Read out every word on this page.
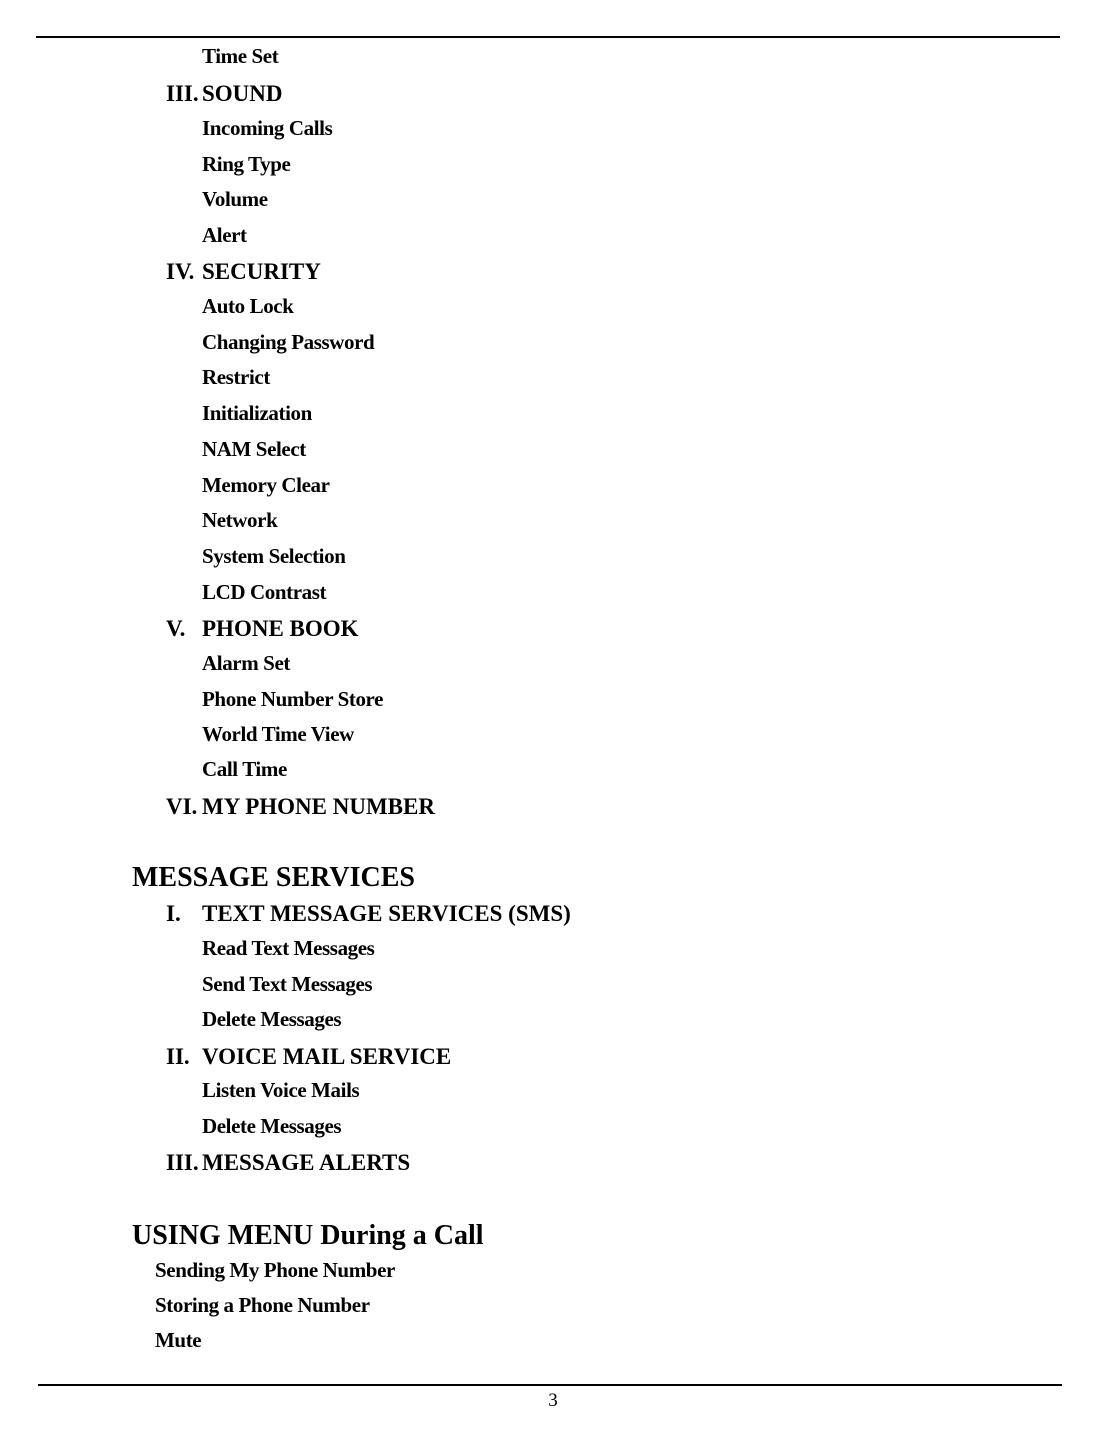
Time Set
III. SOUND
Incoming Calls
Ring Type
Volume
Alert
IV. SECURITY
Auto Lock
Changing Password
Restrict
Initialization
NAM Select
Memory Clear
Network
System Selection
LCD Contrast
V. PHONE BOOK
Alarm Set
Phone Number Store
World Time View
Call Time
VI. MY PHONE NUMBER
MESSAGE SERVICES
I. TEXT MESSAGE SERVICES (SMS)
Read Text Messages
Send Text Messages
Delete Messages
II. VOICE MAIL SERVICE
Listen Voice Mails
Delete Messages
III. MESSAGE ALERTS
USING MENU During a Call
Sending My Phone Number
Storing a Phone Number
Mute
3
